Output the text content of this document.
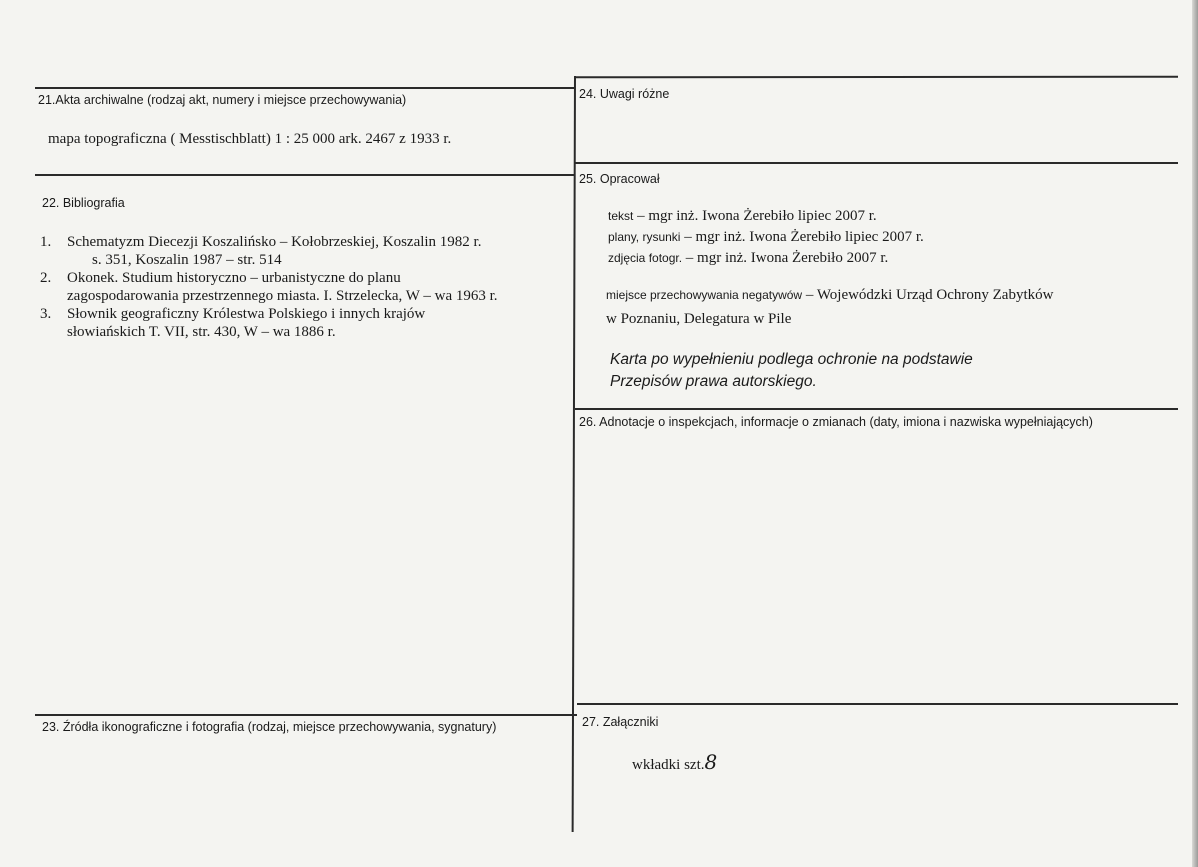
21.Akta archiwalne (rodzaj akt, numery i miejsce przechowywania)
mapa topograficzna ( Messtischblatt) 1 : 25 000 ark. 2467 z 1933 r.
22. Bibliografia
1. Schematyzm Diecezji Koszalińsko – Kołobrzeskiej, Koszalin 1982 r.
s. 351, Koszalin 1987 – str. 514
2. Okonek. Studium historyczno – urbanistyczne do planu
zagospodarowania przestrzennego miasta. I. Strzelecka, W – wa 1963 r.
3. Słownik geograficzny Królestwa Polskiego i innych krajów
słowiańskich T. VII, str. 430, W – wa 1886 r.
23. Źródła ikonograficzne i fotografia (rodzaj, miejsce przechowywania, sygnatury)
24. Uwagi różne
25. Opracował
tekst – mgr inż. Iwona Żerebiło lipiec 2007 r.
plany, rysunki – mgr inż. Iwona Żerebiło lipiec 2007 r.
zdjęcia fotogr. – mgr inż. Iwona Żerebiło 2007 r.
miejsce przechowywania negatywów – Wojewódzki Urząd Ochrony Zabytków
w Poznaniu, Delegatura w Pile
Karta po wypełnieniu podlega ochronie na podstawie
Przepisów prawa autorskiego.
26. Adnotacje o inspekcjach, informacje o zmianach (daty, imiona i nazwiska wypełniających)
27. Załączniki
wkładki szt.8
